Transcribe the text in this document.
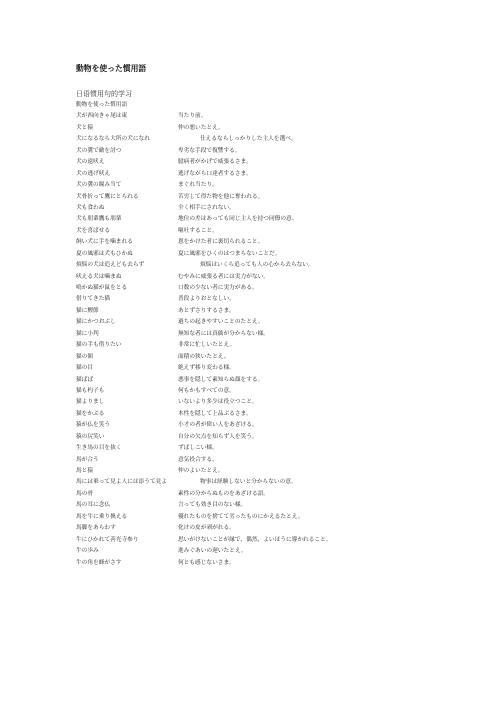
動物を使った慣用語
日语惯用句的学习
動物を使った慣用語
犬が西向きゃ尾は東	当たり前。
犬と猿	仲の悪いたとえ。
犬になるなら大所の犬になれ	仕えるならしっかりした主人を選べ。
犬の糞で敵を討つ	卑劣な手段で復讐する。
犬の遠吠え	臆病者がかげで威張るさま。
犬の逃げ吠え	逃げながら口達者するさま。
犬の糞の瞳み当て	まぐれ当たり。
犬骨折って鷹にとられる	苦労して得た物を他に奪われる。
犬も食わぬ	全く相手にされない。
犬も朋輩鷹も朋輩	地位の差はあっても同じ主人を持つ同僚の意。
犬を喜ばせる	嘔吐すること。
飼い犬に手を噛まれる	恩をかけた者に裏切られること。
夏の風邪は犬もひかぬ	夏に風邪をひくのはつまらないことだ。
煩悩の犬は追えども去らず	煩悩はいくら追っても人の心から去らない。
吠える犬は噛まぬ	むやみに威張る者には実力がない。
鳴かぬ猫が鼠をとる	口数の少ない者に実力がある。
借りてきた猫	普段よりおとなしい。
猫に鰹節	あとずさりするさま。
猫にかつおぶし	過ちの起きやすいことのたとえ。
猫に小判	無知な者には真価が分からない様。
猫の手も借りたい	非常に忙しいたとえ。
猫の額	面積の狭いたとえ。
猫の目	絶えず移り変わる様。
猫ばば	悪事を隠して素知らぬ顔をする。
猫も杓子も	何もかもすべての意。
猫よりまし	いないより多少は役立つこと。
猫をかぶる	本性を隠して上品ぶるさま。
猿が仏を笑う	小才の者が偉い人をあざける。
猿の尻笑い	自分の欠点を知らず人を笑う。
生き馬の目を抜く	ずばしこい様。
馬が合う	意気投合する。
馬と猿	仲のよいたとえ。
馬には乗って見よ人には添うて見よ	物事は経験しないと分からないの意。
馬の骨	素性の分からぬものをあざける語。
馬の耳に念仏	言っても効き目のない様。
馬を牛に乗り換える	優れたものを捨てて劣ったものにかえるたとえ。
馬脚をあらわす	化けの皮が剥がれる。
牛にひかれて善光寺参り	思いがけないことが縁で、偶然、よいほうに導かれること。
牛の歩み	進みぐあいの遅いたとえ。
牛の角を蜂がさす	何とも感じないさま。
